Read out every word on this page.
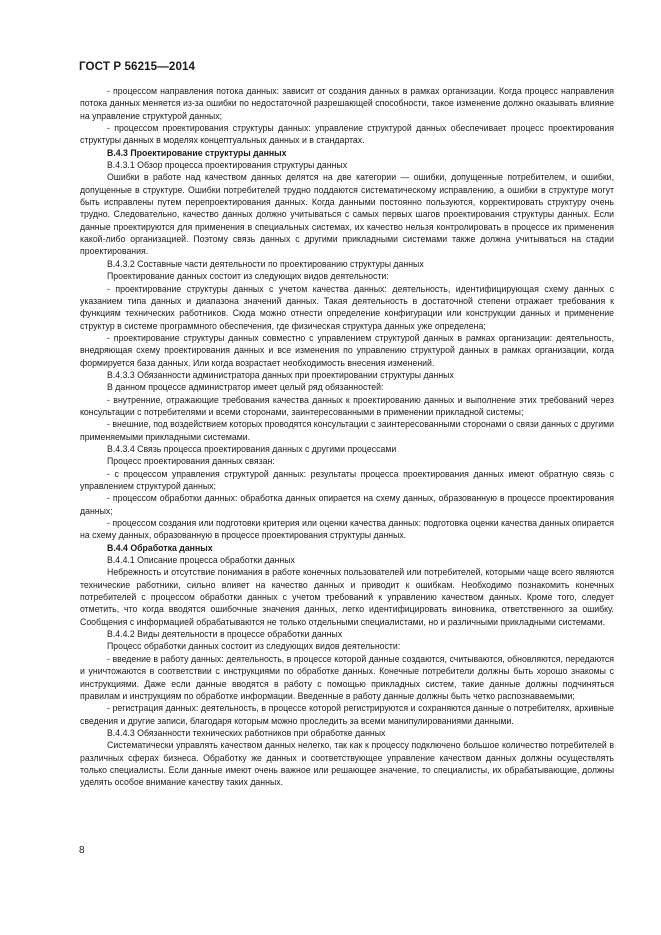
ГОСТ Р 56215—2014

- процессом направления потока данных: зависит от создания данных в рамках организации. Когда процесс направления потока данных меняется из-за ошибки по недостаточной разрешающей способности, такое изменение должно оказывать влияние на управление структурой данных;

- процессом проектирования структуры данных: управление структурой данных обеспечивает процесс проектирования структуры данных в моделях концептуальных данных и в стандартах.

В.4.3 Проектирование структуры данных

В.4.3.1 Обзор процесса проектирования структуры данных

Ошибки в работе над качеством данных делятся на две категории — ошибки, допущенные потребителем, и ошибки, допущенные в структуре. Ошибки потребителей трудно поддаются систематическому исправлению, а ошибки в структуре могут быть исправлены путем перепроектирования данных. Когда данными постоянно пользуются, корректировать структуру очень трудно. Следовательно, качество данных должно учитываться с самых первых шагов проектирования структуры данных. Если данные проектируются для применения в специальных системах, их качество нельзя контролировать в процессе их применения какой-либо организацией. Поэтому связь данных с другими прикладными системами также должна учитываться на стадии проектирования.

В.4.3.2 Составные части деятельности по проектированию структуры данных

Проектирование данных состоит из следующих видов деятельности:

- проектирование структуры данных с учетом качества данных: деятельность, идентифицирующая схему данных с указанием типа данных и диапазона значений данных. Такая деятельность в достаточной степени отражает требования к функциям технических работников. Сюда можно отнести определение конфигурации или конструкции данных и применение структур в системе программного обеспечения, где физическая структура данных уже определена;

- проектирование структуры данных совместно с управлением структурой данных в рамках организации: деятельность, внедряющая схему проектирования данных и все изменения по управлению структурой данных в рамках организации, когда формируется база данных. Или когда возрастает необходимость внесения изменений.

В.4.3.3 Обязанности администратора данных при проектировании структуры данных

В данном процессе администратор имеет целый ряд обязанностей:

- внутренние, отражающие требования качества данных к проектированию данных и выполнение этих требований через консультации с потребителями и всеми сторонами, заинтересованными в применении прикладной системы;

- внешние, под воздействием которых проводятся консультации с заинтересованными сторонами о связи данных с другими применяемыми прикладными системами.

В.4.3.4 Связь процесса проектирования данных с другими процессами

Процесс проектирования данных связан:

- с процессом управления структурой данных: результаты процесса проектирования данных имеют обратную связь с управлением структурой данных;

- процессом обработки данных: обработка данных опирается на схему данных, образованную в процессе проектирования данных;

- процессом создания или подготовки критерия или оценки качества данных: подготовка оценки качества данных опирается на схему данных, образованную в процессе проектирования структуры данных.

В.4.4 Обработка данных

В.4.4.1 Описание процесса обработки данных

Небрежность и отсутствие понимания в работе конечных пользователей или потребителей, которыми чаще всего являются технические работники, сильно влияет на качество данных и приводит к ошибкам. Необходимо познакомить конечных потребителей с процессом обработки данных с учетом требований к управлению качеством данных. Кроме того, следует отметить, что когда вводятся ошибочные значения данных, легко идентифицировать виновника, ответственного за ошибку. Сообщения с информацией обрабатываются не только отдельными специалистами, но и различными прикладными системами.

В.4.4.2 Виды деятельности в процессе обработки данных

Процесс обработки данных состоит из следующих видов деятельности:

- введение в работу данных: деятельность, в процессе которой данные создаются, считываются, обновляются, передаются и уничтожаются в соответствии с инструкциями по обработке данных. Конечные потребители должны быть хорошо знакомы с инструкциями. Даже если данные вводятся в работу с помощью прикладных систем, такие данные должны подчиняться правилам и инструкциям по обработке информации. Введенные в работу данные должны быть четко распознаваемыми;

- регистрация данных: деятельность, в процессе которой регистрируются и сохраняются данные о потребителях, архивные сведения и другие записи, благодаря которым можно проследить за всеми манипулированиями данными.

В.4.4.3 Обязанности технических работников при обработке данных

Систематически управлять качеством данных нелегко, так как к процессу подключено большое количество потребителей в различных сферах бизнеса. Обработку же данных и соответствующее управление качеством данных должны осуществлять только специалисты. Если данные имеют очень важное или решающее значение, то специалисты, их обрабатывающие, должны уделять особое внимание качеству таких данных.

8
